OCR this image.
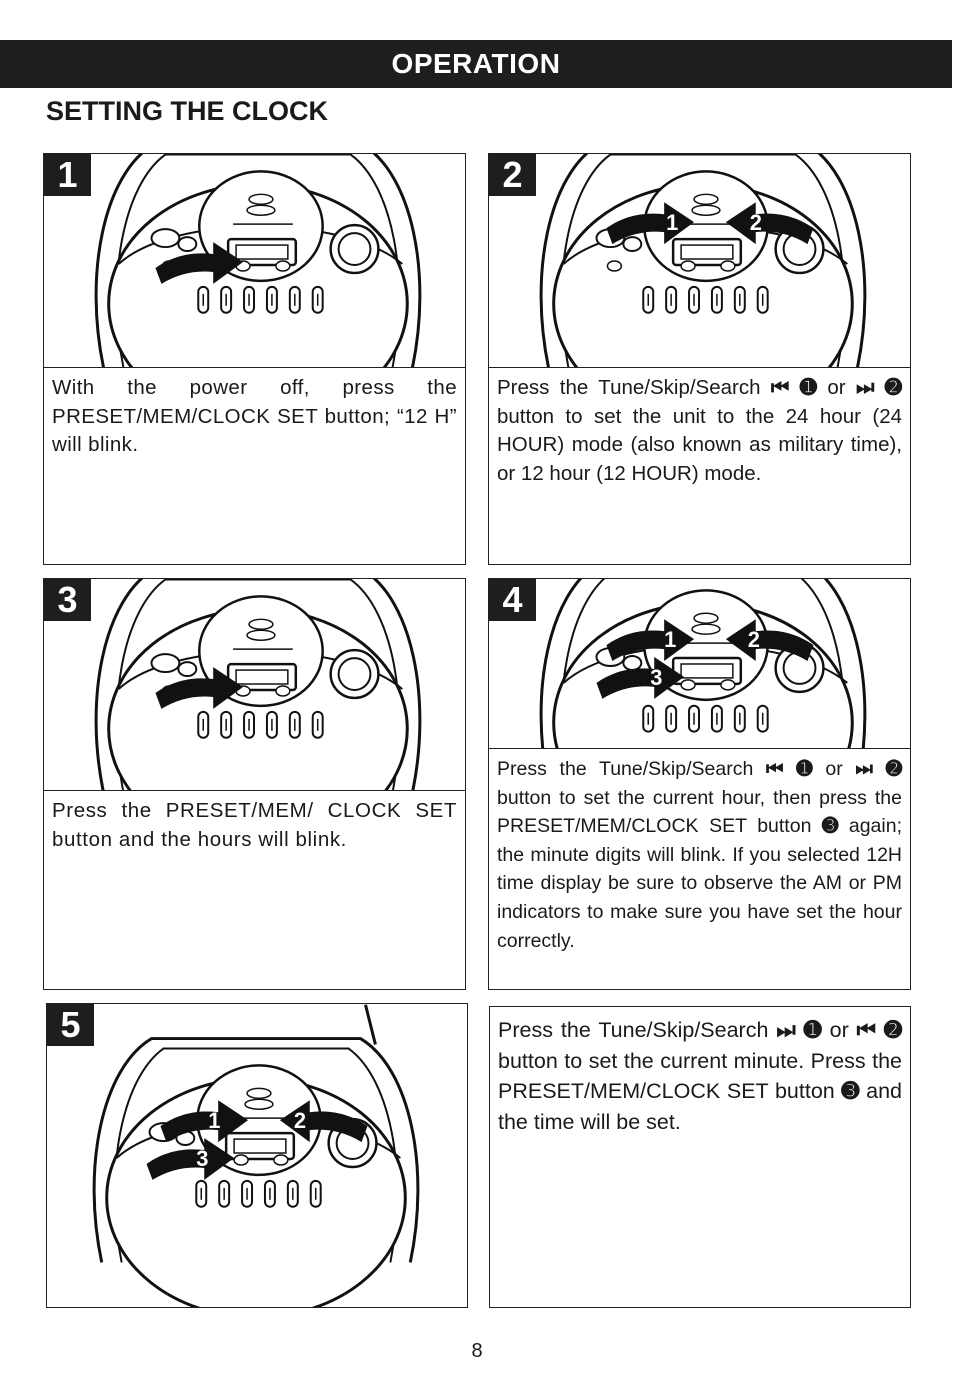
OPERATION
SETTING THE CLOCK
1
With the power off, press the PRESET/MEM/CLOCK SET button; “12 H” will blink.
1	2
2
Press the Tune/Skip/Search ⏮ ➊ or ⏭ ➋ button to set the unit to the 24 hour (24 HOUR) mode (also known as military time), or 12 hour (12 HOUR) mode.
3
Press the PRESET/MEM/ CLOCK SET button and the hours will blink.
1	2
3
4
Press the Tune/Skip/Search ⏮ ➊ or ⏭ ➋ button to set the current hour, then press the PRESET/MEM/CLOCK SET button ➌ again; the minute digits will blink. If you selected 12H time display be sure to observe the AM or PM indicators to make sure you have set the hour correctly.
1	2
3
5	Press the Tune/Skip/Search ⏭ ➊ or ⏮ ➋ button to set the current minute. Press the PRESET/MEM/CLOCK SET button ➌ and the time will be set.
8
